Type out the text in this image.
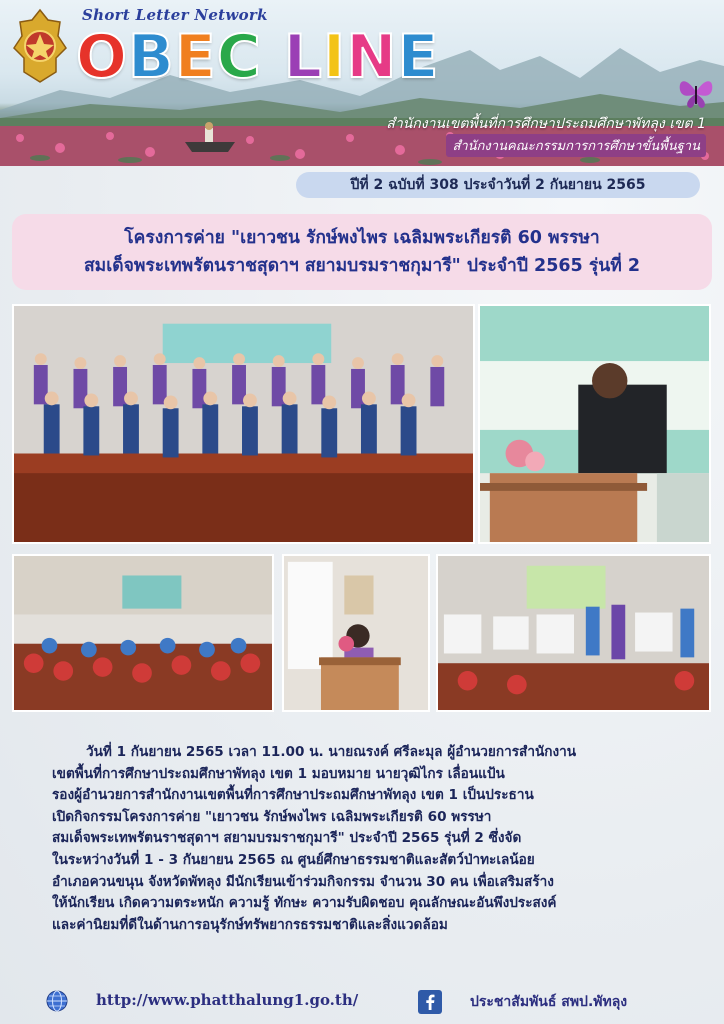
Short Letter Network
OBEC LINE
สำนักงานเขตพื้นที่การศึกษาประถมศึกษาพัทลุง เขต 1
สำนักงานคณะกรรมการการศึกษาขั้นพื้นฐาน
ปีที่ 2 ฉบับที่ 308 ประจำวันที่ 2 กันยายน 2565
โครงการค่าย "เยาวชน รักษ์พงไพร เฉลิมพระเกียรติ 60 พรรษา
สมเด็จพระเทพรัตนราชสุดาฯ สยามบรมราชกุมารี" ประจำปี 2565 รุ่นที่ 2
วันที่ 1 กันยายน 2565 เวลา 11.00 น. นายณรงค์ ศรีละมุล ผู้อำนวยการสำนักงาน
เขตพื้นที่การศึกษาประถมศึกษาพัทลุง เขต 1 มอบหมาย นายวุฒิไกร เลื่อนแป้น
รองผู้อำนวยการสำนักงานเขตพื้นที่การศึกษาประถมศึกษาพัทลุง เขต 1 เป็นประธาน
เปิดกิจกรรมโครงการค่าย "เยาวชน รักษ์พงไพร เฉลิมพระเกียรติ 60 พรรษา
สมเด็จพระเทพรัตนราชสุดาฯ สยามบรมราชกุมารี" ประจำปี 2565 รุ่นที่ 2 ซึ่งจัด
ในระหว่างวันที่ 1 - 3 กันยายน 2565 ณ ศูนย์ศึกษาธรรมชาติและสัตว์ป่าทะเลน้อย
อำเภอควนขนุน จังหวัดพัทลุง มีนักเรียนเข้าร่วมกิจกรรม จำนวน 30 คน เพื่อเสริมสร้าง
ให้นักเรียน เกิดความตระหนัก ความรู้ ทักษะ ความรับผิดชอบ คุณลักษณะอันพึงประสงค์
และค่านิยมที่ดีในด้านการอนุรักษ์ทรัพยากรธรรมชาติและสิ่งแวดล้อม
http://www.phatthalung1.go.th/	ประชาสัมพันธ์ สพป.พัทลุง
